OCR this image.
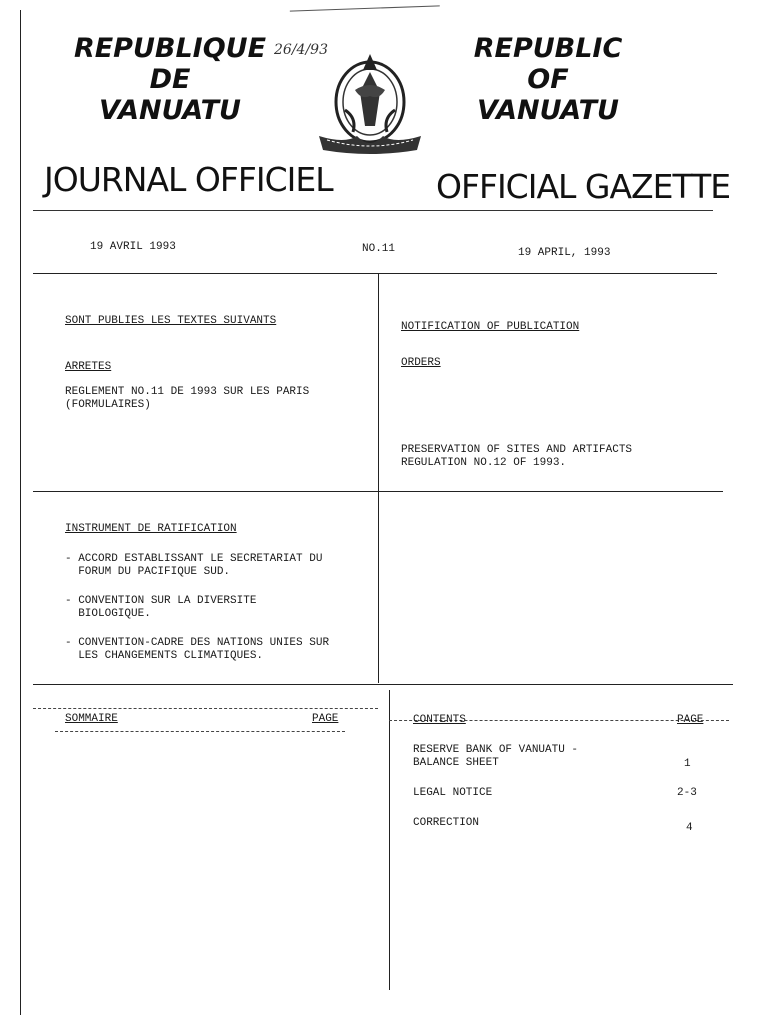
REPUBLIQUE
DE
VANUATU
REPUBLIC
OF
VANUATU
26/4/93
JOURNAL OFFICIEL	OFFICIAL GAZETTE
19 AVRIL 1993	NO.11	19 APRIL, 1993
SONT PUBLIES LES TEXTES SUIVANTS
ARRETES
REGLEMENT NO.11 DE 1993 SUR LES PARIS
(FORMULAIRES)
NOTIFICATION OF PUBLICATION
ORDERS
PRESERVATION OF SITES AND ARTIFACTS
REGULATION NO.12 OF 1993.
INSTRUMENT DE RATIFICATION
- ACCORD ESTABLISSANT LE SECRETARIAT DU
FORUM DU PACIFIQUE SUD.
- CONVENTION SUR LA DIVERSITE
BIOLOGIQUE.
- CONVENTION-CADRE DES NATIONS UNIES SUR
LES CHANGEMENTS CLIMATIQUES.
SOMMAIRE	PAGE	CONTENTS	PAGE
RESERVE BANK OF VANUATU -
BALANCE SHEET	1
LEGAL NOTICE	2-3
CORRECTION	4
